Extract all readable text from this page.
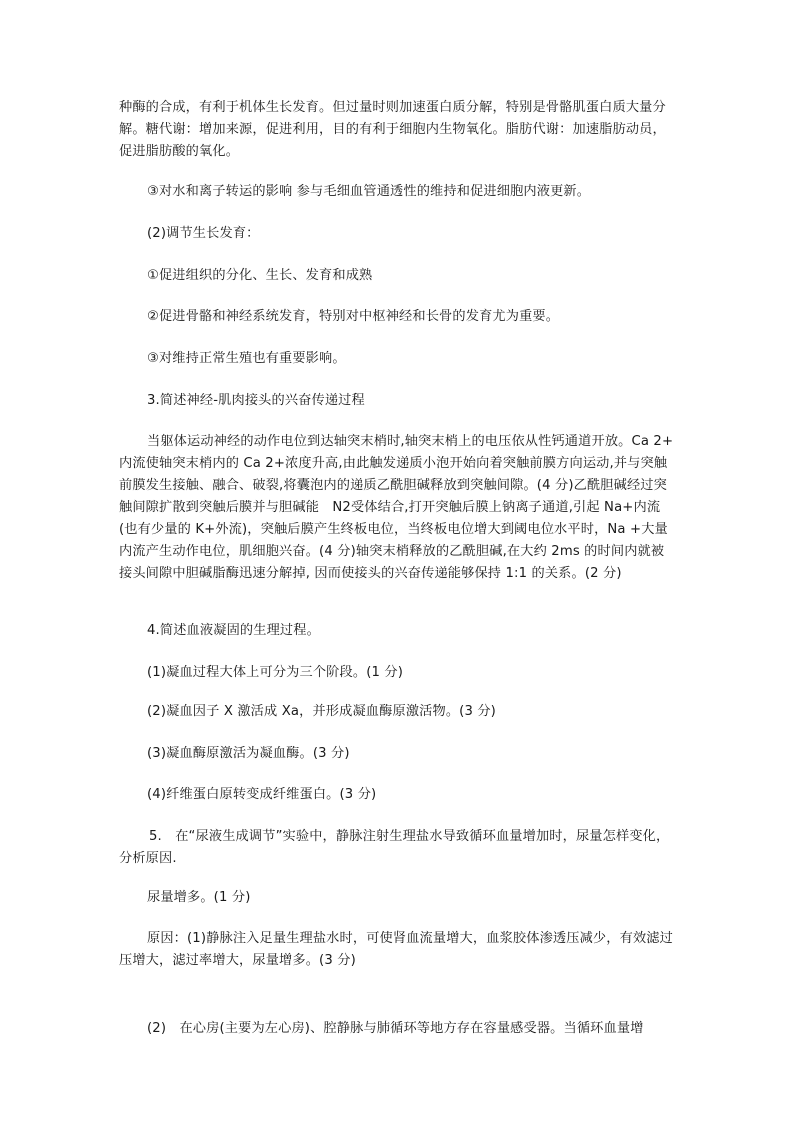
种酶的合成，有利于机体生长发育。但过量时则加速蛋白质分解，特别是骨骼肌蛋白质大量分解。糖代谢：增加来源，促进利用，目的有利于细胞内生物氧化。脂肪代谢：加速脂肪动员，促进脂肪酸的氧化。

③对水和离子转运的影响 参与毛细血管通透性的维持和促进细胞内液更新。

(2)调节生长发育：

①促进组织的分化、生长、发育和成熟

②促进骨骼和神经系统发育，特别对中枢神经和长骨的发育尤为重要。

③对维持正常生殖也有重要影响。

3.简述神经-肌肉接头的兴奋传递过程

当躯体运动神经的动作电位到达轴突末梢时,轴突末梢上的电压依从性钙通道开放。Ca 2+ 内流使轴突末梢内的 Ca 2+浓度升高,由此触发递质小泡开始向着突触前膜方向运动,并与突触前膜发生接触、融合、破裂,将囊泡内的递质乙酰胆碱释放到突触间隙。(4 分)乙酰胆碱经过突触间隙扩散到突触后膜并与胆碱能　N2受体结合,打开突触后膜上钠离子通道,引起 Na+内流(也有少量的 K+外流)，突触后膜产生终板电位，当终板电位增大到阈电位水平时，Na +大量内流产生动作电位，肌细胞兴奋。(4 分)轴突末梢释放的乙酰胆碱,在大约 2ms 的时间内就被接头间隙中胆碱脂酶迅速分解掉, 因而使接头的兴奋传递能够保持 1:1 的关系。(2 分)

4.简述血液凝固的生理过程。

(1)凝血过程大体上可分为三个阶段。(1 分)

(2)凝血因子 X 激活成 Xa，并形成凝血酶原激活物。(3 分)

(3)凝血酶原激活为凝血酶。(3 分)

(4)纤维蛋白原转变成纤维蛋白。(3 分)

5.　在“尿液生成调节”实验中，静脉注射生理盐水导致循环血量增加时，尿量怎样变化，分析原因.

尿量增多。(1 分)

原因：(1)静脉注入足量生理盐水时，可使肾血流量增大，血浆胶体渗透压减少，有效滤过压增大，滤过率增大，尿量增多。(3 分)

(2)　在心房(主要为左心房)、腔静脉与肺循环等地方存在容量感受器。当循环血量增
